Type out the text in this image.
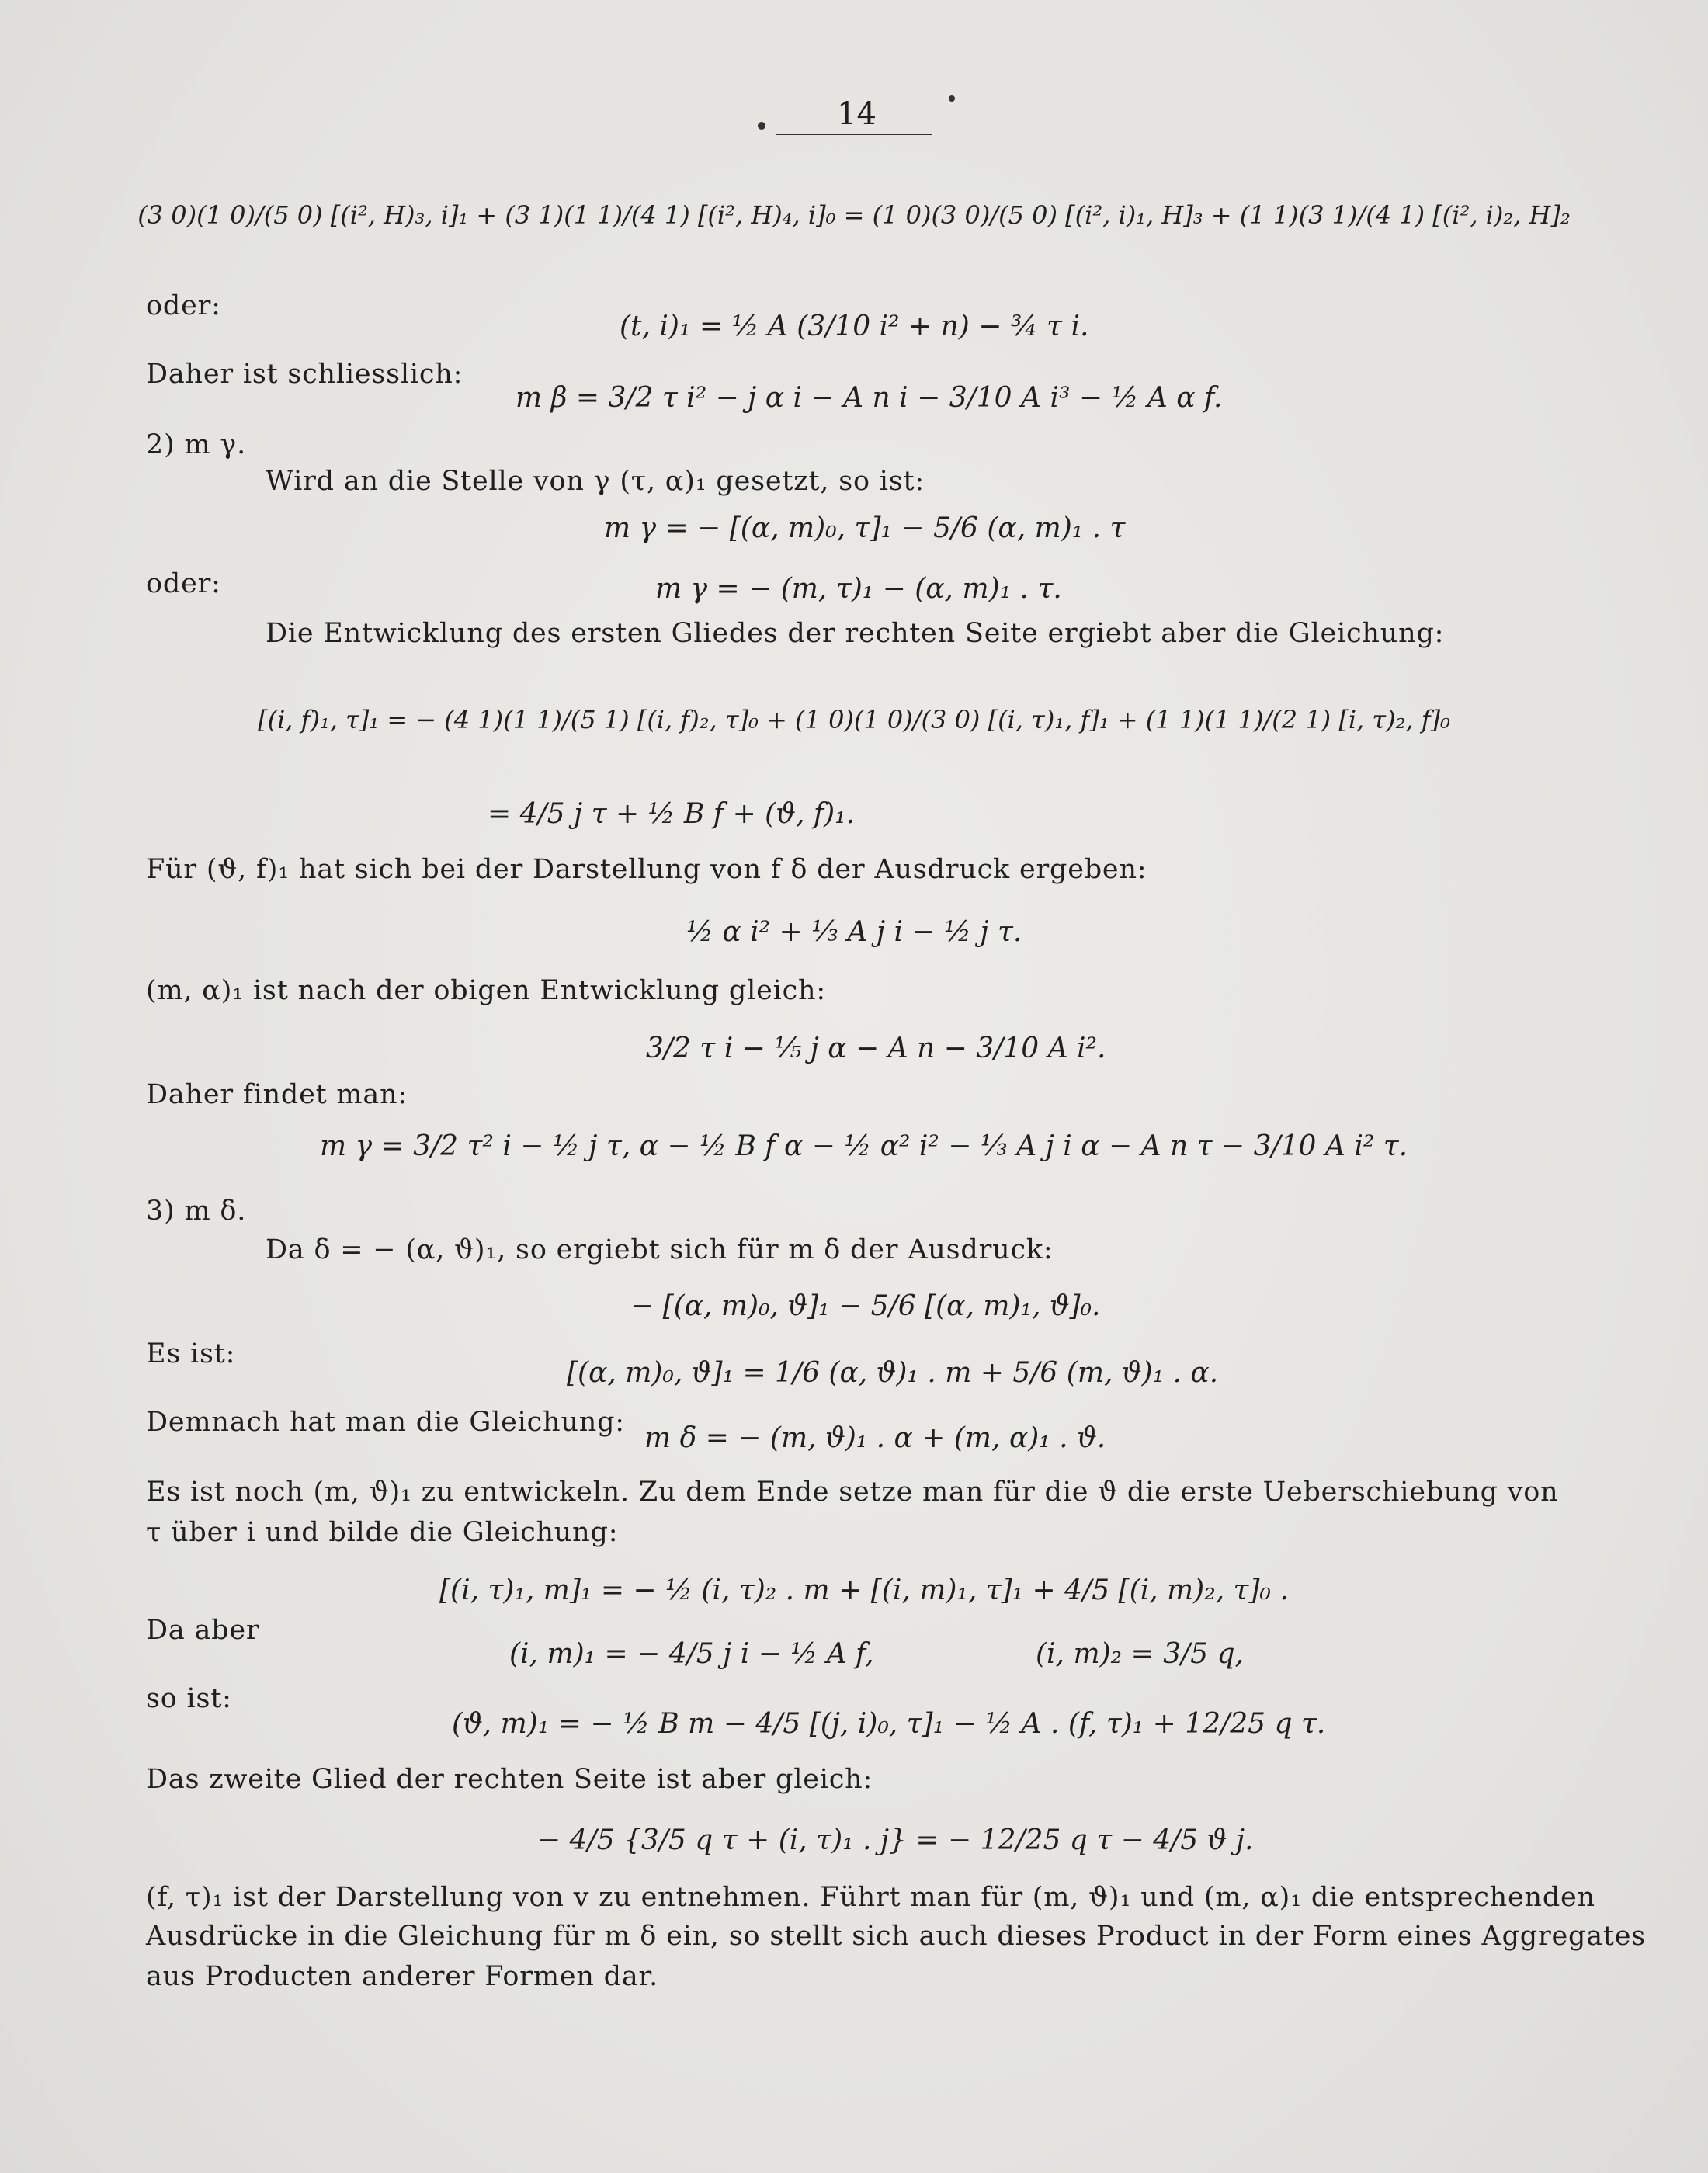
14
(3 0)(1 0)/(5 0) [(i², H)₃, i]₁ + (3 1)(1 1)/(4 1) [(i², H)₄, i]₀ = (1 0)(3 0)/(5 0) [(i², i)₁, H]₃ + (1 1)(3 1)/(4 1) [(i², i)₂, H]₂
oder:
(t, i)₁ = ½ A (3/10 i² + n) − ¾ τ i.
Daher ist schliesslich:
m β = 3/2 τ i² − j α i − A n i − 3/10 A i³ − ½ A α f.
2) m γ.
Wird an die Stelle von γ (τ, α)₁ gesetzt, so ist:
m γ = − [(α, m)₀, τ]₁ − 5/6 (α, m)₁ . τ
oder:	m γ = − (m, τ)₁ − (α, m)₁ . τ.
Die Entwicklung des ersten Gliedes der rechten Seite ergiebt aber die Gleichung:
[(i, f)₁, τ]₁ = − (4 1)(1 1)/(5 1) [(i, f)₂, τ]₀ + (1 0)(1 0)/(3 0) [(i, τ)₁, f]₁ + (1 1)(1 1)/(2 1) [i, τ)₂, f]₀
= 4/5 j τ + ½ B f + (ϑ, f)₁.
Für (ϑ, f)₁ hat sich bei der Darstellung von f δ der Ausdruck ergeben:
½ α i² + ⅓ A j i − ½ j τ.
(m, α)₁ ist nach der obigen Entwicklung gleich:
3/2 τ i − ⅕ j α − A n − 3/10 A i².
Daher findet man:
m γ = 3/2 τ² i − ½ j τ, α − ½ B f α − ½ α² i² − ⅓ A j i α − A n τ − 3/10 A i² τ.
3) m δ.
Da δ = − (α, ϑ)₁, so ergiebt sich für m δ der Ausdruck:
− [(α, m)₀, ϑ]₁ − 5/6 [(α, m)₁, ϑ]₀.
Es ist:
[(α, m)₀, ϑ]₁ = 1/6 (α, ϑ)₁ . m + 5/6 (m, ϑ)₁ . α.
Demnach hat man die Gleichung: m δ = − (m, ϑ)₁ . α + (m, α)₁ . ϑ.
Es ist noch (m, ϑ)₁ zu entwickeln. Zu dem Ende setze man für die ϑ die erste Ueberschiebung von
τ über i und bilde die Gleichung:
[(i, τ)₁, m]₁ = − ½ (i, τ)₂ . m + [(i, m)₁, τ]₁ + 4/5 [(i, m)₂, τ]₀ .
Da aber
(i, m)₁ = − 4/5 j i − ½ A f,	(i, m)₂ = 3/5 q,
so ist:
(ϑ, m)₁ = − ½ B m − 4/5 [(j, i)₀, τ]₁ − ½ A . (f, τ)₁ + 12/25 q τ.
Das zweite Glied der rechten Seite ist aber gleich:
− 4/5 {3/5 q τ + (i, τ)₁ . j} = − 12/25 q τ − 4/5 ϑ j.
(f, τ)₁ ist der Darstellung von v zu entnehmen. Führt man für (m, ϑ)₁ und (m, α)₁ die entsprechenden
Ausdrücke in die Gleichung für m δ ein, so stellt sich auch dieses Product in der Form eines Aggregates
aus Producten anderer Formen dar.
